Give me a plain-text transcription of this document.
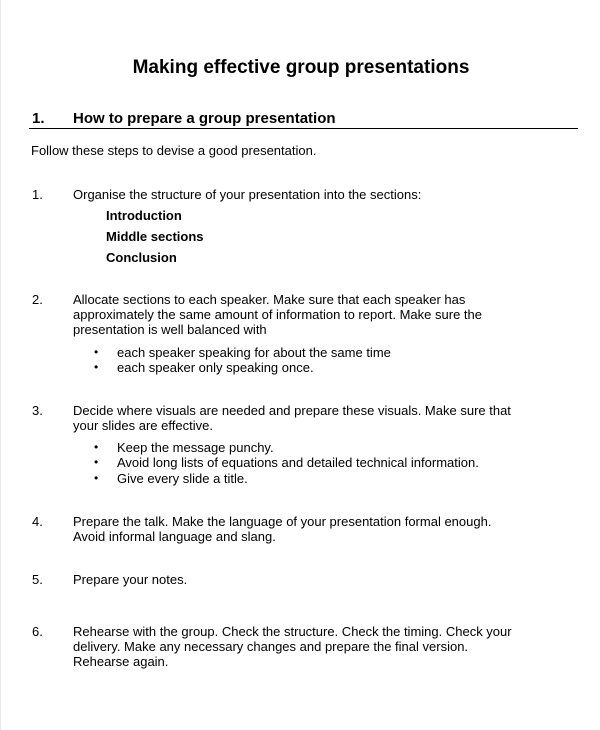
Making effective group presentations
1. How to prepare a group presentation
Follow these steps to devise a good presentation.
1. Organise the structure of your presentation into the sections:
Introduction
Middle sections
Conclusion
2. Allocate sections to each speaker. Make sure that each speaker has
approximately the same amount of information to report. Make sure the
presentation is well balanced with
• each speaker speaking for about the same time
• each speaker only speaking once.
3. Decide where visuals are needed and prepare these visuals. Make sure that
your slides are effective.
• Keep the message punchy.
• Avoid long lists of equations and detailed technical information.
• Give every slide a title.
4. Prepare the talk. Make the language of your presentation formal enough.
Avoid informal language and slang.
5. Prepare your notes.
6. Rehearse with the group. Check the structure. Check the timing. Check your
delivery. Make any necessary changes and prepare the final version.
Rehearse again.
